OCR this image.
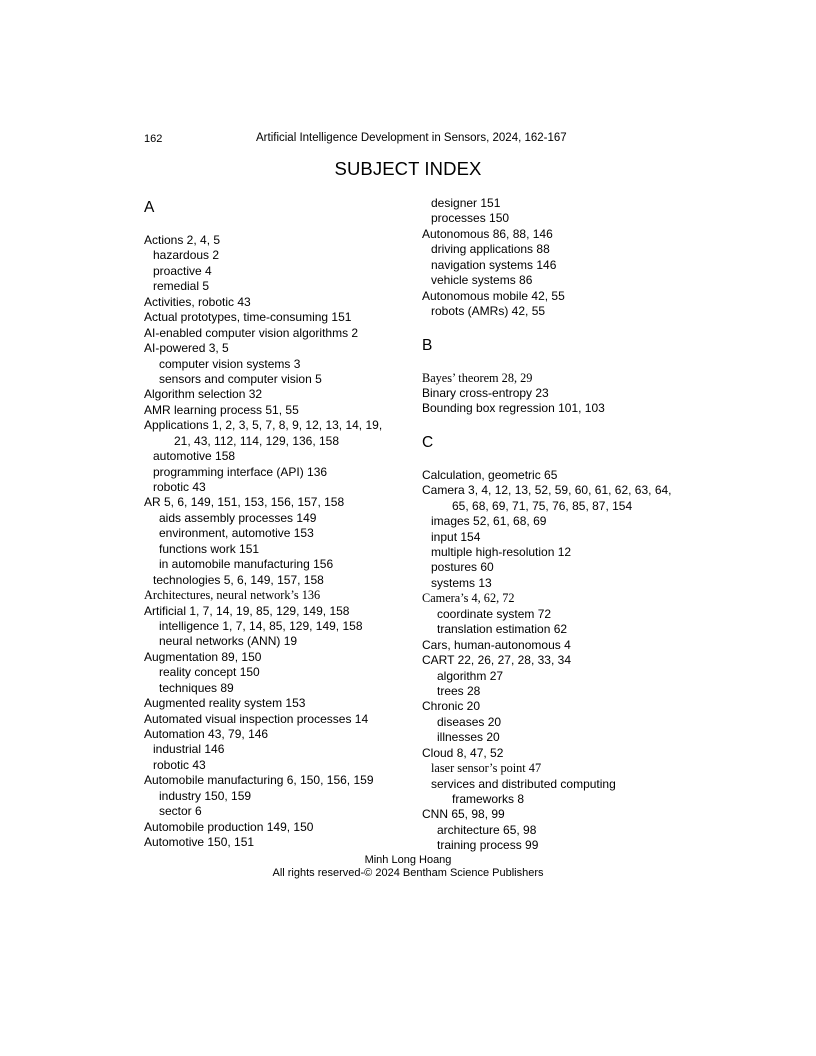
162	Artificial Intelligence Development in Sensors, 2024, 162-167
SUBJECT INDEX
A
Actions 2, 4, 5
hazardous 2
proactive 4
remedial 5
Activities, robotic 43
Actual prototypes, time-consuming 151
AI-enabled computer vision algorithms 2
AI-powered 3, 5
computer vision systems 3
sensors and computer vision 5
Algorithm selection 32
AMR learning process 51, 55
Applications 1, 2, 3, 5, 7, 8, 9, 12, 13, 14, 19,
21, 43, 112, 114, 129, 136, 158
automotive 158
programming interface (API) 136
robotic 43
AR 5, 6, 149, 151, 153, 156, 157, 158
aids assembly processes 149
environment, automotive 153
functions work 151
in automobile manufacturing 156
technologies 5, 6, 149, 157, 158
Architectures, neural network’s 136
Artificial 1, 7, 14, 19, 85, 129, 149, 158
intelligence 1, 7, 14, 85, 129, 149, 158
neural networks (ANN) 19
Augmentation 89, 150
reality concept 150
techniques 89
Augmented reality system 153
Automated visual inspection processes 14
Automation 43, 79, 146
industrial 146
robotic 43
Automobile manufacturing 6, 150, 156, 159
industry 150, 159
sector 6
Automobile production 149, 150
Automotive 150, 151
designer 151
processes 150
Autonomous 86, 88, 146
driving applications 88
navigation systems 146
vehicle systems 86
Autonomous mobile 42, 55
robots (AMRs) 42, 55
B
Bayes’ theorem 28, 29
Binary cross-entropy 23
Bounding box regression 101, 103
C
Calculation, geometric 65
Camera 3, 4, 12, 13, 52, 59, 60, 61, 62, 63, 64,
65, 68, 69, 71, 75, 76, 85, 87, 154
images 52, 61, 68, 69
input 154
multiple high-resolution 12
postures 60
systems 13
Camera’s 4, 62, 72
coordinate system 72
translation estimation 62
Cars, human-autonomous 4
CART 22, 26, 27, 28, 33, 34
algorithm 27
trees 28
Chronic 20
diseases 20
illnesses 20
Cloud 8, 47, 52
laser sensor’s point 47
services and distributed computing
frameworks 8
CNN 65, 98, 99
architecture 65, 98
training process 99
Minh Long Hoang
All rights reserved-© 2024 Bentham Science Publishers
